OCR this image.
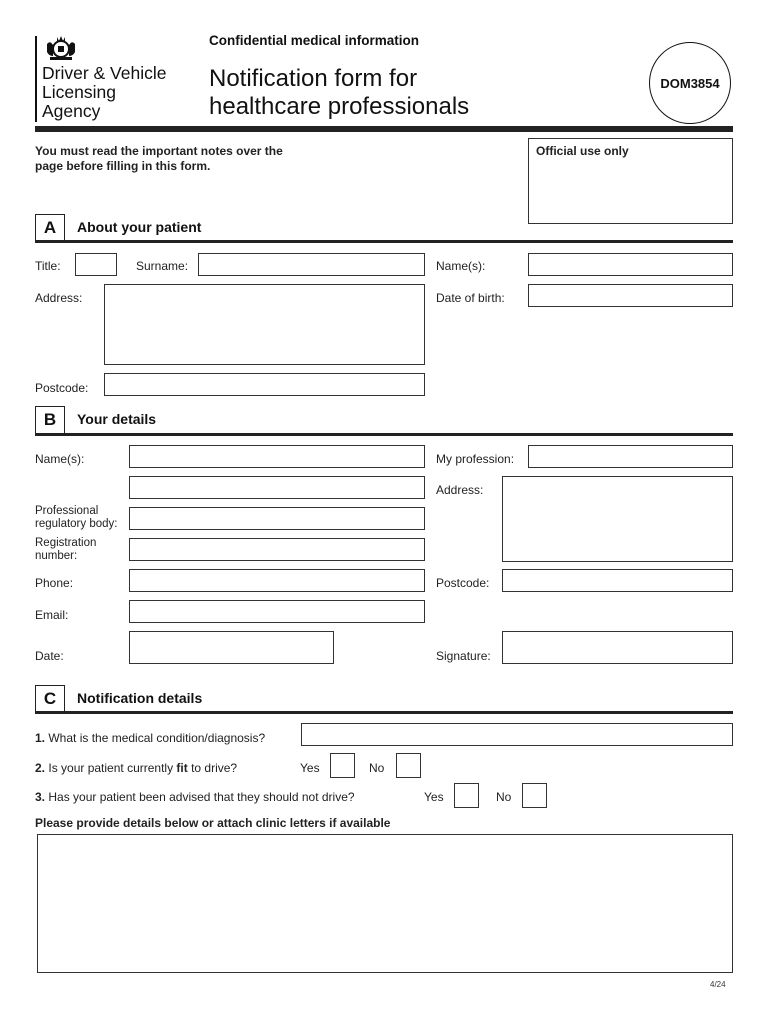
Driver & Vehicle
Licensing
Agency
Confidential medical information
Notification form for
healthcare professionals
DOM3854
You must read the important notes over the
page before filling in this form.
Official use only
A	About your patient
Title:	Surname:	Name(s):
Address:	Date of birth:
Postcode:
B	Your details
Name(s):	My profession:
Address:
Professional
regulatory body:
Registration
number:
Phone:	Postcode:
Email:
Date:	Signature:
C	Notification details
1. What is the medical condition/diagnosis?
2. Is your patient currently fit to drive?	Yes	No
3. Has your patient been advised that they should not drive?	Yes	No
Please provide details below or attach clinic letters if available
4/24
